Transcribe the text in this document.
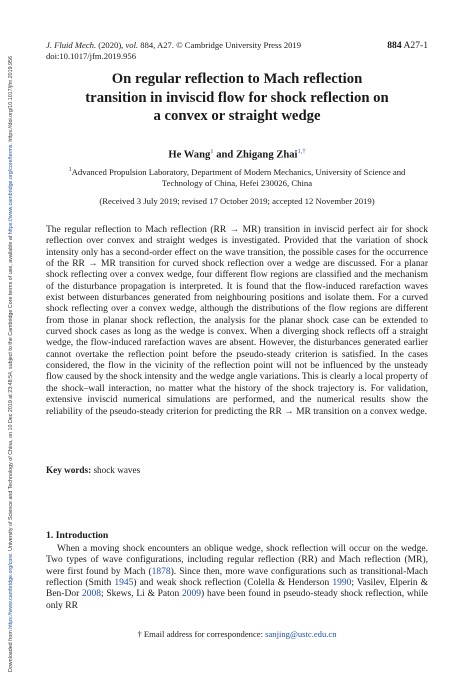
Downloaded from https://www.cambridge.org/core. University of Science and Technology of China, on 10 Dec 2019 at 23:48:54, subject to the Cambridge Core terms of use, available at https://www.cambridge.org/core/terms. https://doi.org/10.1017/jfm.2019.956
J. Fluid Mech. (2020), vol. 884, A27. © Cambridge University Press 2019
doi:10.1017/jfm.2019.956
884 A27-1
On regular reflection to Mach reflection
transition in inviscid flow for shock reflection on
a convex or straight wedge
He Wang$^1$ and Zhigang Zhai$^{1,\dagger}$
$^1$Advanced Propulsion Laboratory, Department of Modern Mechanics, University of Science and
Technology of China, Hefei 230026, China
(Received 3 July 2019; revised 17 October 2019; accepted 12 November 2019)
The regular reflection to Mach reflection (RR → MR) transition in inviscid perfect air for shock reflection over convex and straight wedges is investigated. Provided that the variation of shock intensity only has a second-order effect on the wave transition, the possible cases for the occurrence of the RR → MR transition for curved shock reflection over a wedge are discussed. For a planar shock reflecting over a convex wedge, four different flow regions are classified and the mechanism of the disturbance propagation is interpreted. It is found that the flow-induced rarefaction waves exist between disturbances generated from neighbouring positions and isolate them. For a curved shock reflecting over a convex wedge, although the distributions of the flow regions are different from those in planar shock reflection, the analysis for the planar shock case can be extended to curved shock cases as long as the wedge is convex. When a diverging shock reflects off a straight wedge, the flow-induced rarefaction waves are absent. However, the disturbances generated earlier cannot overtake the reflection point before the pseudo-steady criterion is satisfied. In the cases considered, the flow in the vicinity of the reflection point will not be influenced by the unsteady flow caused by the shock intensity and the wedge angle variations. This is clearly a local property of the shock–wall interaction, no matter what the history of the shock trajectory is. For validation, extensive inviscid numerical simulations are performed, and the numerical results show the reliability of the pseudo-steady criterion for predicting the RR → MR transition on a convex wedge.
Key words: shock waves
1. Introduction

When a moving shock encounters an oblique wedge, shock reflection will occur on the wedge. Two types of wave configurations, including regular reflection (RR) and Mach reflection (MR), were first found by Mach (1878). Since then, more wave configurations such as transitional-Mach reflection (Smith 1945) and weak shock reflection (Colella & Henderson 1990; Vasilev, Elperin & Ben-Dor 2008; Skews, Li & Paton 2009) have been found in pseudo-steady shock reflection, while only RR

† Email address for correspondence: sanjing@ustc.edu.cn
